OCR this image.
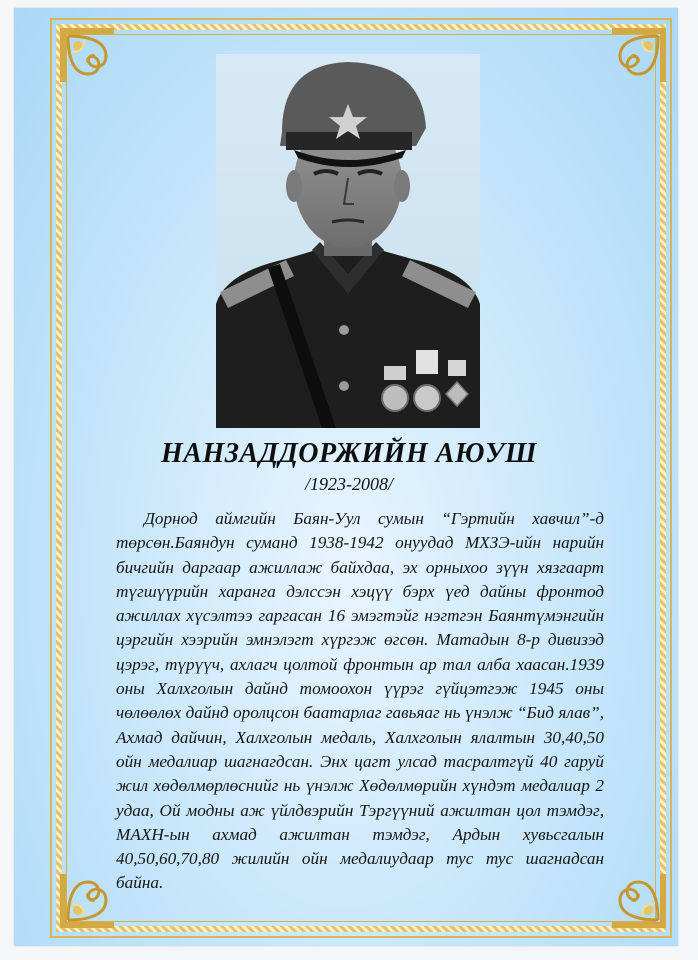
НАНЗАДДОРЖИЙН АЮУШ
/1923-2008/

Дорнод аймгийн Баян-Уул сумын “Гэртийн хавчил”-д төрсөн.Баяндун суманд 1938-1942 онуудад МХЗЭ-ийн нарийн бичгийн даргаар ажиллаж байхдаа, эх орныхоо зүүн хязгаарт түгшүүрийн харанга дэлссэн хэцүү бэрх үед дайны фронтод ажиллах хүсэлтээ гаргасан 16 эмэгтэйг нэгтгэн Баянтүмэнгийн цэргийн хээрийн эмнэлэгт хүргэж өгсөн. Матадын 8-р дивизэд цэрэг, түрүүч, ахлагч цолтой фронтын ар тал алба хаасан.1939 оны Халхголын дайнд томоохон үүрэг гүйцэтгэж 1945 оны чөлөөлөх дайнд оролцсон баатарлаг гавьяаг нь үнэлж “Бид ялав”, Ахмад дайчин, Халхголын медаль, Халхголын ялалтын 30,40,50 ойн медалиар шагнагдсан. Энх цагт улсад тасралтгүй 40 гаруй жил хөдөлмөрлөснийг нь үнэлж Хөдөлмөрийн хүндэт медалиар 2 удаа, Ой модны аж үйлдвэрийн Тэргүүний ажилтан цол тэмдэг, МАХН-ын ахмад ажилтан тэмдэг, Ардын хувьсгалын 40,50,60,70,80 жилийн ойн медалиудаар тус тус шагнадсан байна.
